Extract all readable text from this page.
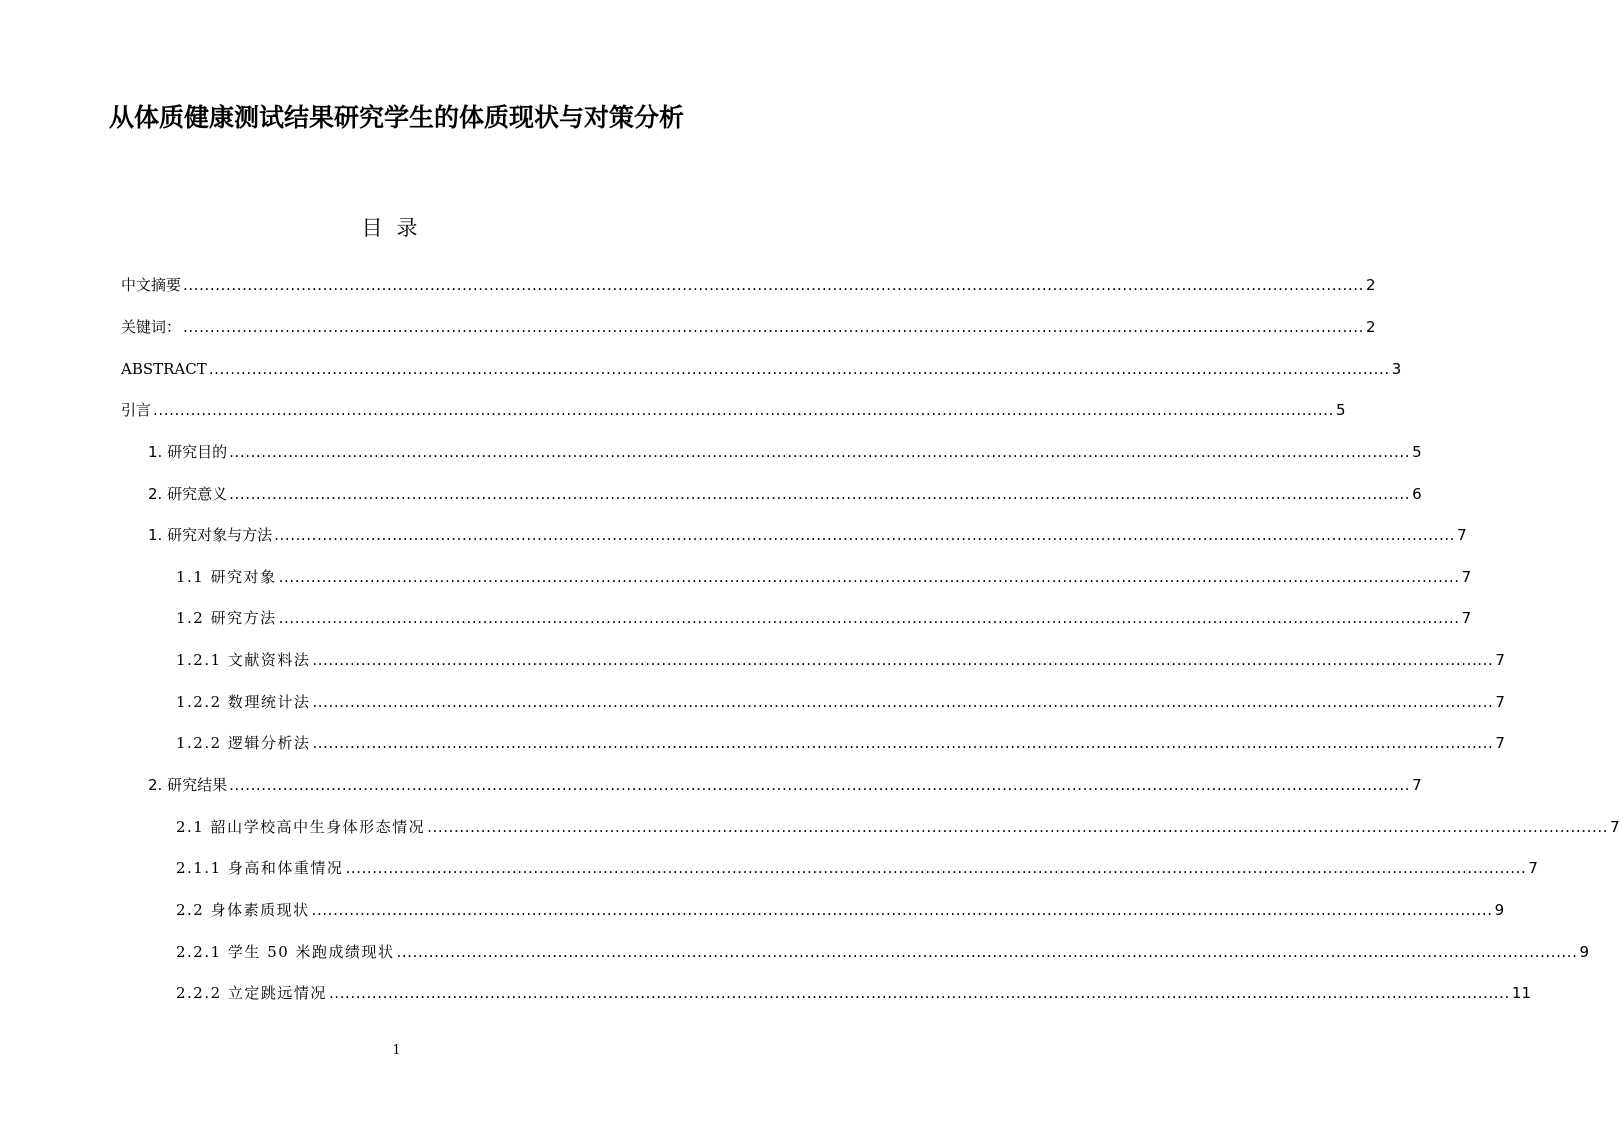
从体质健康测试结果研究学生的体质现状与对策分析
目录
中文摘要 ............................................................................................................................................................................................................................ 2
关键词： ............................................................................................................................................................................................................................ 2
ABSTRACT ............................................................................................................................................................................................................................ 3
引言 ............................................................................................................................................................................................................................ 5
1. 研究目的 ............................................................................................................................................................................................................................ 5
2. 研究意义 ............................................................................................................................................................................................................................ 6
1. 研究对象与方法 ............................................................................................................................................................................................................................ 7
1.1 研究对象 ............................................................................................................................................................................................................................ 7
1.2 研究方法 ............................................................................................................................................................................................................................ 7
1.2.1 文献资料法 ............................................................................................................................................................................................................................ 7
1.2.2 数理统计法 ............................................................................................................................................................................................................................ 7
1.2.2 逻辑分析法 ............................................................................................................................................................................................................................ 7
2. 研究结果 ............................................................................................................................................................................................................................ 7
2.1 韶山学校高中生身体形态情况 ............................................................................................................................................................................................................................ 7
2.1.1 身高和体重情况 ............................................................................................................................................................................................................................ 7
2.2 身体素质现状 ............................................................................................................................................................................................................................ 9
2.2.1 学生 50 米跑成绩现状 ............................................................................................................................................................................................................................ 9
2.2.2 立定跳远情况 ............................................................................................................................................................................................................................ 11
1
